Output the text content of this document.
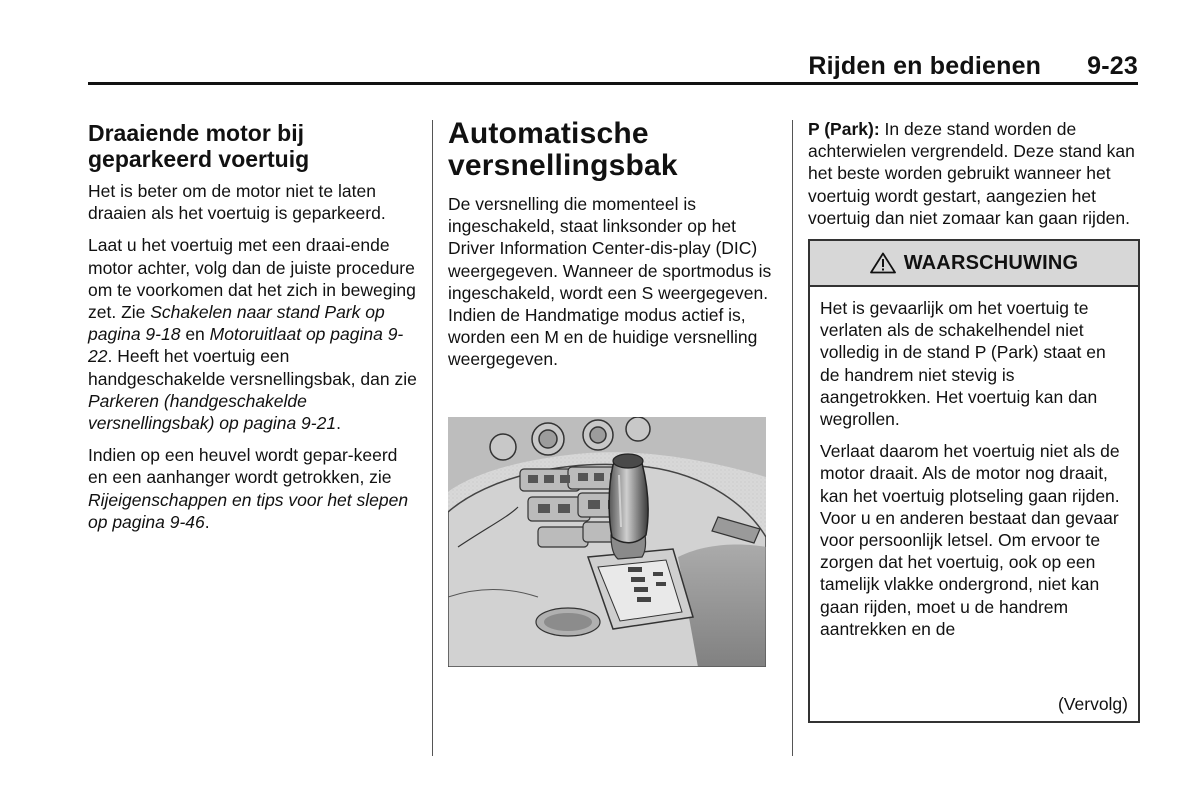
Rijden en bedienen 9-23
Draaiende motor bij geparkeerd voertuig

Het is beter om de motor niet te laten draaien als het voertuig is geparkeerd.

Laat u het voertuig met een draai-ende motor achter, volg dan de juiste procedure om te voorkomen dat het zich in beweging zet. Zie Schakelen naar stand Park op pagina 9-18 en Motoruitlaat op pagina 9-22. Heeft het voertuig een handgeschakelde versnellingsbak, dan zie Parkeren (handgeschakelde versnellingsbak) op pagina 9-21.

Indien op een heuvel wordt gepar-keerd en een aanhanger wordt getrokken, zie Rijeigenschappen en tips voor het slepen op pagina 9-46.

Automatische versnellingsbak

De versnelling die momenteel is ingeschakeld, staat linksonder op het Driver Information Center-dis-play (DIC) weergegeven. Wanneer de sportmodus is ingeschakeld, wordt een S weergegeven. Indien de Handmatige modus actief is, worden een M en de huidige versnelling weergegeven.

P (Park): In deze stand worden de achterwielen vergrendeld. Deze stand kan het beste worden gebruikt wanneer het voertuig wordt gestart, aangezien het voertuig dan niet zomaar kan gaan rijden.

WAARSCHUWING

Het is gevaarlijk om het voertuig te verlaten als de schakelhendel niet volledig in de stand P (Park) staat en de handrem niet stevig is aangetrokken. Het voertuig kan dan wegrollen.

Verlaat daarom het voertuig niet als de motor draait. Als de motor nog draait, kan het voertuig plotseling gaan rijden. Voor u en anderen bestaat dan gevaar voor persoonlijk letsel. Om ervoor te zorgen dat het voertuig, ook op een tamelijk vlakke ondergrond, niet kan gaan rijden, moet u de handrem aantrekken en de

(Vervolg)
